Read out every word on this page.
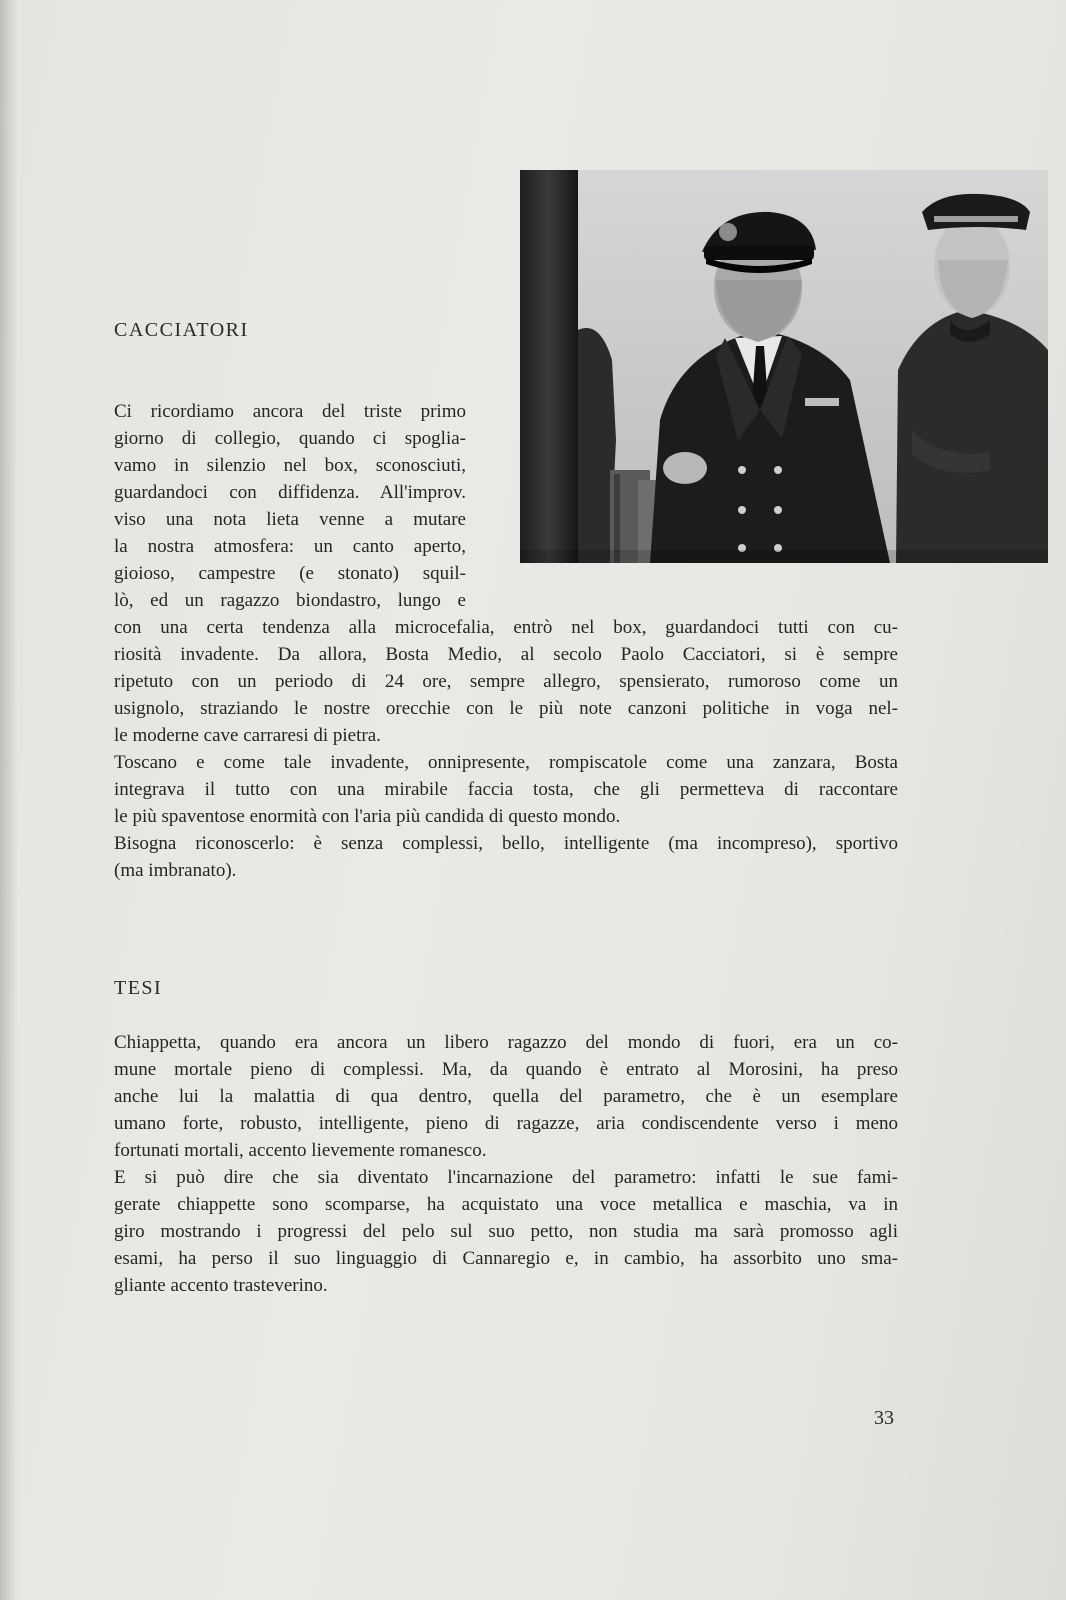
CACCIATORI
Ci ricordiamo ancora del triste primo
giorno di collegio, quando ci spoglia-
vamo in silenzio nel box, sconosciuti,
guardandoci con diffidenza. All'improv.
viso una nota lieta venne a mutare
la nostra atmosfera: un canto aperto,
gioioso, campestre (e stonato) squil-
lò, ed un ragazzo biondastro, lungo e
con una certa tendenza alla microcefalia, entrò nel box, guardandoci tutti con cu-
riosità invadente. Da allora, Bosta Medio, al secolo Paolo Cacciatori, si è sempre
ripetuto con un periodo di 24 ore, sempre allegro, spensierato, rumoroso come un
usignolo, straziando le nostre orecchie con le più note canzoni politiche in voga nel-
le moderne cave carraresi di pietra.
Toscano e come tale invadente, onnipresente, rompiscatole come una zanzara, Bosta
integrava il tutto con una mirabile faccia tosta, che gli permetteva di raccontare
le più spaventose enormità con l'aria più candida di questo mondo.
Bisogna riconoscerlo: è senza complessi, bello, intelligente (ma incompreso), sportivo
(ma imbranato).
TESI
Chiappetta, quando era ancora un libero ragazzo del mondo di fuori, era un co-
mune mortale pieno di complessi. Ma, da quando è entrato al Morosini, ha preso
anche lui la malattia di qua dentro, quella del parametro, che è un esemplare
umano forte, robusto, intelligente, pieno di ragazze, aria condiscendente verso i meno
fortunati mortali, accento lievemente romanesco.
E si può dire che sia diventato l'incarnazione del parametro: infatti le sue fami-
gerate chiappette sono scomparse, ha acquistato una voce metallica e maschia, va in
giro mostrando i progressi del pelo sul suo petto, non studia ma sarà promosso agli
esami, ha perso il suo linguaggio di Cannaregio e, in cambio, ha assorbito uno sma-
gliante accento trasteverino.
33
